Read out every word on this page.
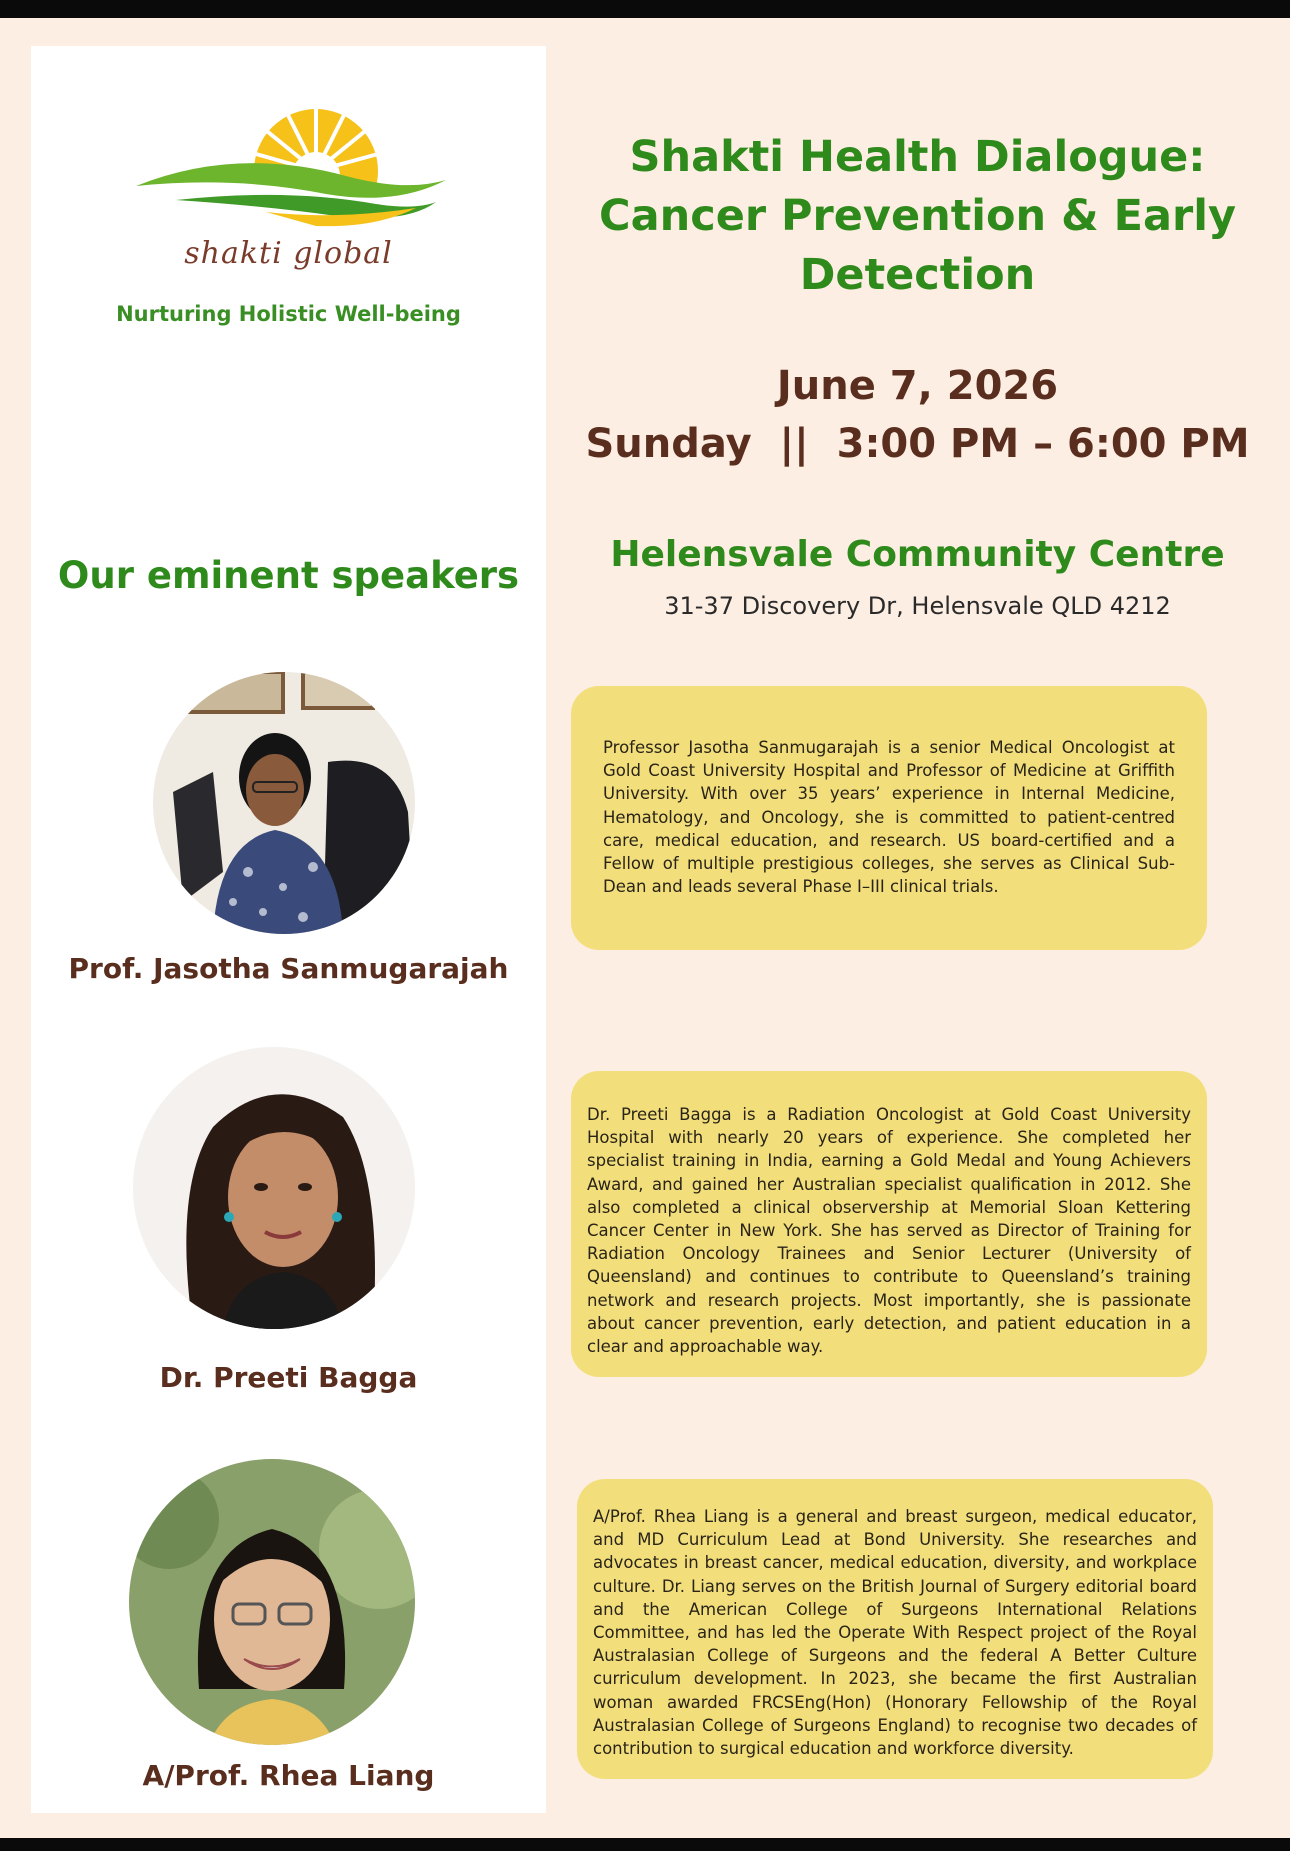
shakti global
Nurturing Holistic Well-being
Our eminent speakers
Prof. Jasotha Sanmugarajah
Dr. Preeti Bagga
A/Prof. Rhea Liang
Shakti Health Dialogue:
Cancer Prevention & Early
Detection
June 7, 2026
Sunday  ||  3:00 PM – 6:00 PM
Helensvale Community Centre
31-37 Discovery Dr, Helensvale QLD 4212
Professor Jasotha Sanmugarajah is a senior Medical Oncologist at Gold Coast University Hospital and Professor of Medicine at Griffith University. With over 35 years’ experience in Internal Medicine, Hematology, and Oncology, she is committed to patient-centred care, medical education, and research. US board-certified and a Fellow of multiple prestigious colleges, she serves as Clinical Sub-Dean and leads several Phase I–III clinical trials.
Dr. Preeti Bagga is a Radiation Oncologist at Gold Coast University Hospital with nearly 20 years of experience. She completed her specialist training in India, earning a Gold Medal and Young Achievers Award, and gained her Australian specialist qualification in 2012. She also completed a clinical observership at Memorial Sloan Kettering Cancer Center in New York. She has served as Director of Training for Radiation Oncology Trainees and Senior Lecturer (University of Queensland) and continues to contribute to Queensland’s training network and research projects. Most importantly, she is passionate about cancer prevention, early detection, and patient education in a clear and approachable way.
A/Prof. Rhea Liang is a general and breast surgeon, medical educator, and MD Curriculum Lead at Bond University. She researches and advocates in breast cancer, medical education, diversity, and workplace culture. Dr. Liang serves on the British Journal of Surgery editorial board and the American College of Surgeons International Relations Committee, and has led the Operate With Respect project of the Royal Australasian College of Surgeons and the federal A Better Culture curriculum development. In 2023, she became the first Australian woman awarded FRCSEng(Hon) (Honorary Fellowship of the Royal Australasian College of Surgeons England) to recognise two decades of contribution to surgical education and workforce diversity.
